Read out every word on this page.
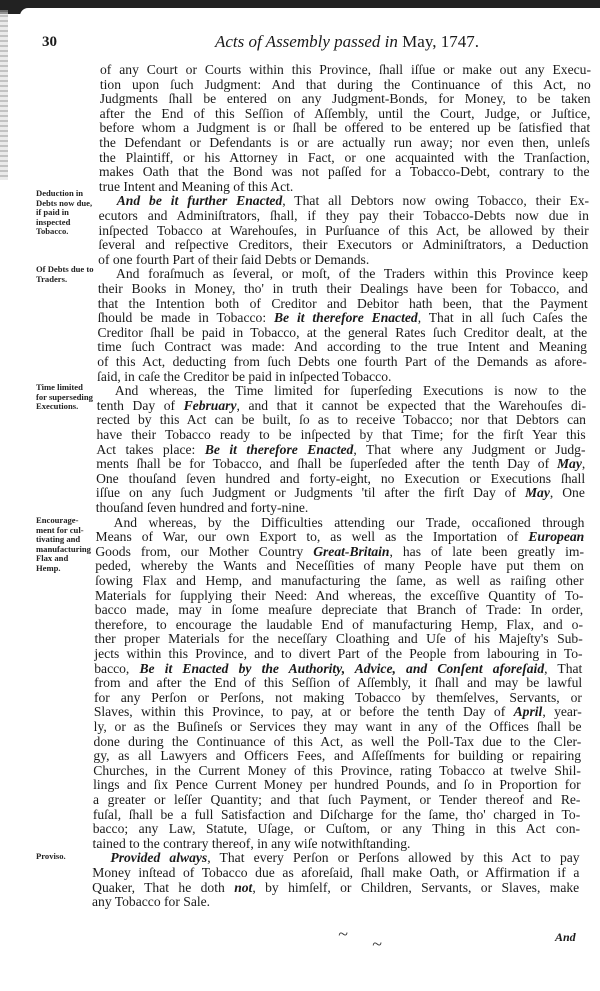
30	Acts of Assembly passed in May, 1747.
of any Court or Courts within this Province, ſhall iſſue or make out any Execu-
tion upon ſuch Judgment: And that during the Continuance of this Act, no
Judgments ſhall be entered on any Judgment-Bonds, for Money, to be taken
after the End of this Seſſion of Aſſembly, until the Court, Judge, or Juſtice,
before whom a Judgment is or ſhall be offered to be entered up be ſatisfied that
the Defendant or Defendants is or are actually run away; nor even then, unleſs
the Plaintiff, or his Attorney in Fact, or one acquainted with the Tranſaction,
makes Oath that the Bond was not paſſed for a Tobacco-Debt, contrary to the
true Intent and Meaning of this Act.
And be it further Enacted, That all Debtors now owing Tobacco, their Ex-
ecutors and Adminiſtrators, ſhall, if they pay their Tobacco-Debts now due in
inſpected Tobacco at Warehouſes, in Purſuance of this Act, be allowed by their
ſeveral and reſpective Creditors, their Executors or Adminiſtrators, a Deduction
of one fourth Part of their ſaid Debts or Demands.
And foraſmuch as ſeveral, or moſt, of the Traders within this Province keep
their Books in Money, tho' in truth their Dealings have been for Tobacco, and
that the Intention both of Creditor and Debitor hath been, that the Payment
ſhould be made in Tobacco: Be it therefore Enacted, That in all ſuch Caſes the
Creditor ſhall be paid in Tobacco, at the general Rates ſuch Creditor dealt, at the
time ſuch Contract was made: And according to the true Intent and Meaning
of this Act, deducting from ſuch Debts one fourth Part of the Demands as afore-
ſaid, in caſe the Creditor be paid in inſpected Tobacco.
And whereas, the Time limited for ſuperſeding Executions is now to the
tenth Day of February, and that it cannot be expected that the Warehouſes di-
rected by this Act can be built, ſo as to receive Tobacco; nor that Debtors can
have their Tobacco ready to be inſpected by that Time; for the firſt Year this
Act takes place: Be it therefore Enacted, That where any Judgment or Judg-
ments ſhall be for Tobacco, and ſhall be ſuperſeded after the tenth Day of May,
One thouſand ſeven hundred and forty-eight, no Execution or Executions ſhall
iſſue on any ſuch Judgment or Judgments 'til after the firſt Day of May, One
thouſand ſeven hundred and forty-nine.
And whereas, by the Difficulties attending our Trade, occaſioned through
Means of War, our own Export to, as well as the Importation of European
Goods from, our Mother Country Great-Britain, has of late been greatly im-
peded, whereby the Wants and Neceſſities of many People have put them on
ſowing Flax and Hemp, and manufacturing the ſame, as well as raiſing other
Materials for ſupplying their Need: And whereas, the exceſſive Quantity of To-
bacco made, may in ſome meaſure depreciate that Branch of Trade: In order,
therefore, to encourage the laudable End of manufacturing Hemp, Flax, and o-
ther proper Materials for the neceſſary Cloathing and Uſe of his Majeſty's Sub-
jects within this Province, and to divert Part of the People from labouring in To-
bacco, Be it Enacted by the Authority, Advice, and Conſent aforeſaid, That
from and after the End of this Seſſion of Aſſembly, it ſhall and may be lawful
for any Perſon or Perſons, not making Tobacco by themſelves, Servants, or
Slaves, within this Province, to pay, at or before the tenth Day of April, year-
ly, or as the Buſineſs or Services they may want in any of the Offices ſhall be
done during the Continuance of this Act, as well the Poll-Tax due to the Cler-
gy, as all Lawyers and Officers Fees, and Aſſeſſments for building or repairing
Churches, in the Current Money of this Province, rating Tobacco at twelve Shil-
lings and ſix Pence Current Money per hundred Pounds, and ſo in Proportion for
a greater or leſſer Quantity; and that ſuch Payment, or Tender thereof and Re-
fuſal, ſhall be a full Satisfaction and Diſcharge for the ſame, tho' charged in To-
bacco; any Law, Statute, Uſage, or Cuſtom, or any Thing in this Act con-
tained to the contrary thereof, in any wiſe notwithſtanding.
Provided always, That every Perſon or Perſons allowed by this Act to pay
Money inſtead of Tobacco due as aforeſaid, ſhall make Oath, or Affirmation if a
Quaker, That he doth not, by himſelf, or Children, Servants, or Slaves, make
any Tobacco for Sale.
Deduction in Debts now due, if paid in inspected Tobacco.
Of Debts due to Traders.
Time limited for superseding Executions.
Encouragement for cultivating and manufacturing Flax and Hemp.
Proviso.
~ ~	And
